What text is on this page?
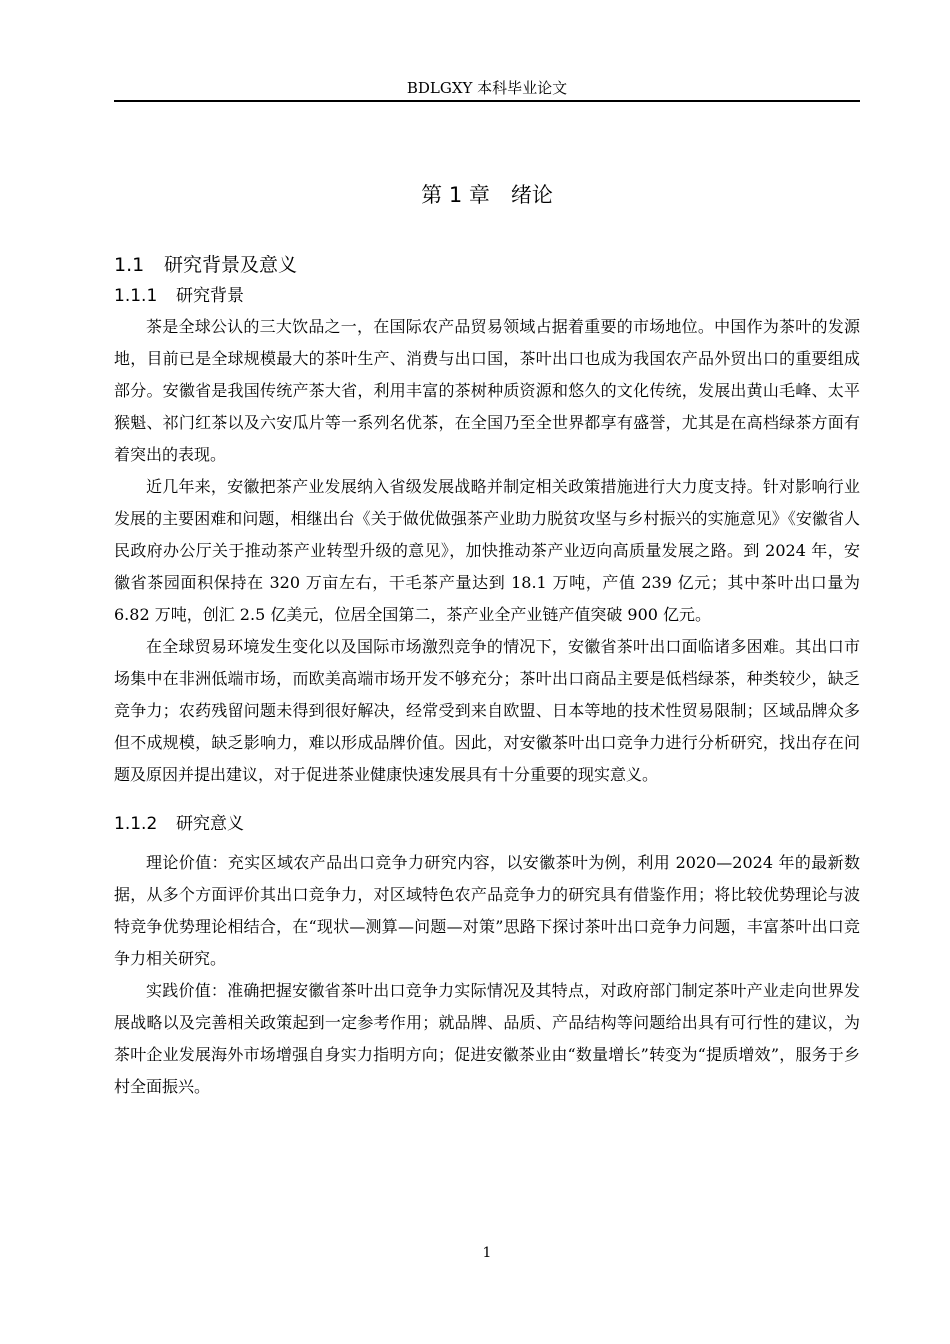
BDLGXY 本科毕业论文
第 1 章　绪论
1.1	研究背景及意义
1.1.1	研究背景

茶是全球公认的三大饮品之一，在国际农产品贸易领域占据着重要的市场地位。中国作为茶叶的发源地，目前已是全球规模最大的茶叶生产、消费与出口国，茶叶出口也成为我国农产品外贸出口的重要组成部分。安徽省是我国传统产茶大省，利用丰富的茶树种质资源和悠久的文化传统，发展出黄山毛峰、太平猴魁、祁门红茶以及六安瓜片等一系列名优茶，在全国乃至全世界都享有盛誉，尤其是在高档绿茶方面有着突出的表现。

近几年来，安徽把茶产业发展纳入省级发展战略并制定相关政策措施进行大力度支持。针对影响行业发展的主要困难和问题，相继出台《关于做优做强茶产业助力脱贫攻坚与乡村振兴的实施意见》《安徽省人民政府办公厅关于推动茶产业转型升级的意见》，加快推动茶产业迈向高质量发展之路。到 2024 年，安徽省茶园面积保持在 320 万亩左右，干毛茶产量达到 18.1 万吨，产值 239 亿元；其中茶叶出口量为 6.82 万吨，创汇 2.5 亿美元，位居全国第二，茶产业全产业链产值突破 900 亿元。

在全球贸易环境发生变化以及国际市场激烈竞争的情况下，安徽省茶叶出口面临诸多困难。其出口市场集中在非洲低端市场，而欧美高端市场开发不够充分；茶叶出口商品主要是低档绿茶，种类较少，缺乏竞争力；农药残留问题未得到很好解决，经常受到来自欧盟、日本等地的技术性贸易限制；区域品牌众多但不成规模，缺乏影响力，难以形成品牌价值。因此，对安徽茶叶出口竞争力进行分析研究，找出存在问题及原因并提出建议，对于促进茶业健康快速发展具有十分重要的现实意义。

1.1.2	研究意义

理论价值：充实区域农产品出口竞争力研究内容，以安徽茶叶为例，利用 2020—2024 年的最新数据，从多个方面评价其出口竞争力，对区域特色农产品竞争力的研究具有借鉴作用；将比较优势理论与波特竞争优势理论相结合，在“现状—测算—问题—对策”思路下探讨茶叶出口竞争力问题，丰富茶叶出口竞争力相关研究。

实践价值：准确把握安徽省茶叶出口竞争力实际情况及其特点，对政府部门制定茶叶产业走向世界发展战略以及完善相关政策起到一定参考作用；就品牌、品质、产品结构等问题给出具有可行性的建议，为茶叶企业发展海外市场增强自身实力指明方向；促进安徽茶业由“数量增长”转变为“提质增效”，服务于乡村全面振兴。

1
